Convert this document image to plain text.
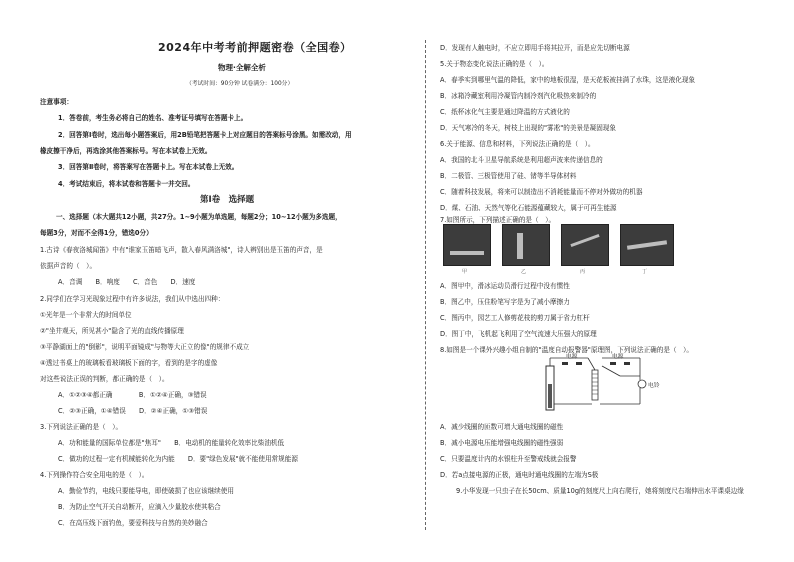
2024年中考考前押题密卷（全国卷）
物理·全解全析
（考试时间：90分钟 试卷满分：100分）
注意事项：
1．答卷前，考生务必将自己的姓名、准考证号填写在答题卡上。
2．回答第Ⅰ卷时，选出每小题答案后，用2B铅笔把答题卡上对应题目的答案标号涂黑。如需改动，用
橡皮擦干净后，再选涂其他答案标号。写在本试卷上无效。
3．回答第Ⅱ卷时，将答案写在答题卡上。写在本试卷上无效。
4．考试结束后，将本试卷和答题卡一并交回。
第Ⅰ卷　选择题
一、选择题（本大题共12小题，共27分。1~9小题为单选题，每题2分；10~12小题为多选题，
每题3分，对而不全得1分，错选0分）
1.古诗《春夜洛城闻笛》中有"谁家玉笛暗飞声，散入春风满洛城"，诗人辨别出是玉笛的声音，是
依据声音的（　）。
A．音调　　B．响度　　C．音色　　D．速度
2.同学们在学习光现象过程中有许多说法，我们从中选出四种：
①光年是一个非常大的时间单位
②"坐井观天，所见甚小"隐含了光的直线传播原理
③平静湖面上的"倒影"，说明平面镜成"与物等大正立的像"的规律不成立
④透过书桌上的玻璃板看玻璃板下面的字，看到的是字的虚像
对这些说法正误的判断，都正确的是（　）。
A．①②③④都正确　　　　B．①②④正确，③错误
C．②③正确，①④错误　　D．②④正确，①③错误
3.下列说法正确的是（　）。
A．功和能量的国际单位都是"焦耳"　　B．电动机的能量转化效率比柴油机低
C．做功的过程一定有机械能转化为内能　　D．要"绿色发展"就不能使用常规能源
4.下列操作符合安全用电的是（　）。
A．勤俭节约，电线只要能导电，即使破损了也应该继续使用
B．为防止空气开关自动断开，应滴入少量胶水使其粘合
C．在高压线下面钓鱼，要爱科技与自然的美妙融合
D．发现有人触电时，不应立即用手将其拉开，而是应先切断电源
5.关于物态变化说法正确的是（　）。
A．春季实到哪里气温的降低，家中的地板很湿，是天花板被挂满了水珠，这是液化现象
B．冰箱冷藏室利用冷凝管内制冷剂汽化吸热来制冷的
C．纸杯冰化气主要是通过降温的方式液化的
D．天气寒冷的冬天，树枝上出现的"雾凇"的美景是凝固现象
6.关于能源、信息和材料，下列说法正确的是（　）。
A．我国的北斗卫星导航系统是利用超声波来传递信息的
B．二极管、三极管使用了硅、锗等半导体材料
C．随着科技发展，将来可以制造出不消耗能量而不停对外做功的机器
D．煤、石油、天然气等化石能源蕴藏较大，属于可再生能源
7.如图所示，下列描述正确的是（　）。
甲	乙	丙	丁
A．图甲中，滑冰运动员滑行过程中没有惯性
B．图乙中，压住粉笔写字是为了减小摩擦力
C．图丙中，园艺工人修剪花枝的剪刀属于省力杠杆
D．图丁中，飞机起飞利用了空气流速大压强大的原理
8.如图是一个课外兴趣小组自制的"温度自动报警器"原理图，下列说法正确的是（　）。
电源	电源
电铃
A．减少线圈的匝数可增大通电线圈的磁性
B．减小电源电压能增强电线圈的磁性强弱
C．只要温度计内的水银柱升至警戒线就会报警
D．若a点接电源的正极，通电时通电线圈的左端为S极
9.小华发现一只虫子在长50cm、质量10g的刻度尺上向右爬行，她将刻度尺右端伸出水平课桌边缘
